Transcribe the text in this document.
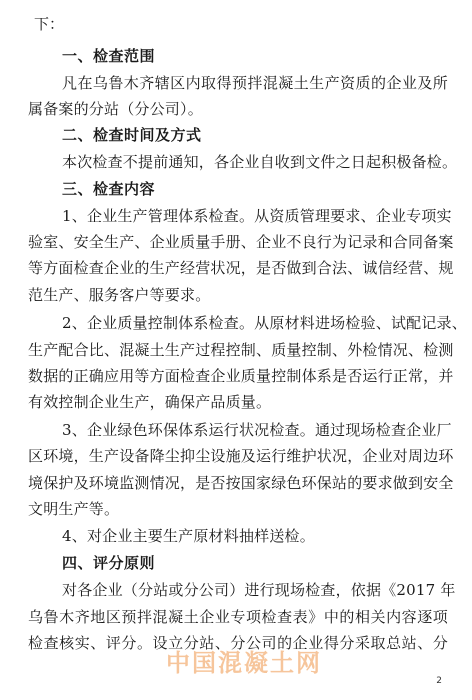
下：
一、检查范围
凡在乌鲁木齐辖区内取得预拌混凝土生产资质的企业及所
属备案的分站（分公司）。
二、检查时间及方式
本次检查不提前通知，各企业自收到文件之日起积极备检。
三、检查内容
1、企业生产管理体系检查。从资质管理要求、企业专项实
验室、安全生产、企业质量手册、企业不良行为记录和合同备案
等方面检查企业的生产经营状况，是否做到合法、诚信经营、规
范生产、服务客户等要求。
2、企业质量控制体系检查。从原材料进场检验、试配记录、
生产配合比、混凝土生产过程控制、质量控制、外检情况、检测
数据的正确应用等方面检查企业质量控制体系是否运行正常，并
有效控制企业生产，确保产品质量。
3、企业绿色环保体系运行状况检查。通过现场检查企业厂
区环境，生产设备降尘抑尘设施及运行维护状况，企业对周边环
境保护及环境监测情况，是否按国家绿色环保站的要求做到安全
文明生产等。
4、对企业主要生产原材料抽样送检。
四、评分原则
对各企业（分站或分公司）进行现场检查，依据《2017 年
乌鲁木齐地区预拌混凝土企业专项检查表》中的相关内容逐项
检查核实、评分。设立分站、分公司的企业得分采取总站、分
中国混凝土网
2
